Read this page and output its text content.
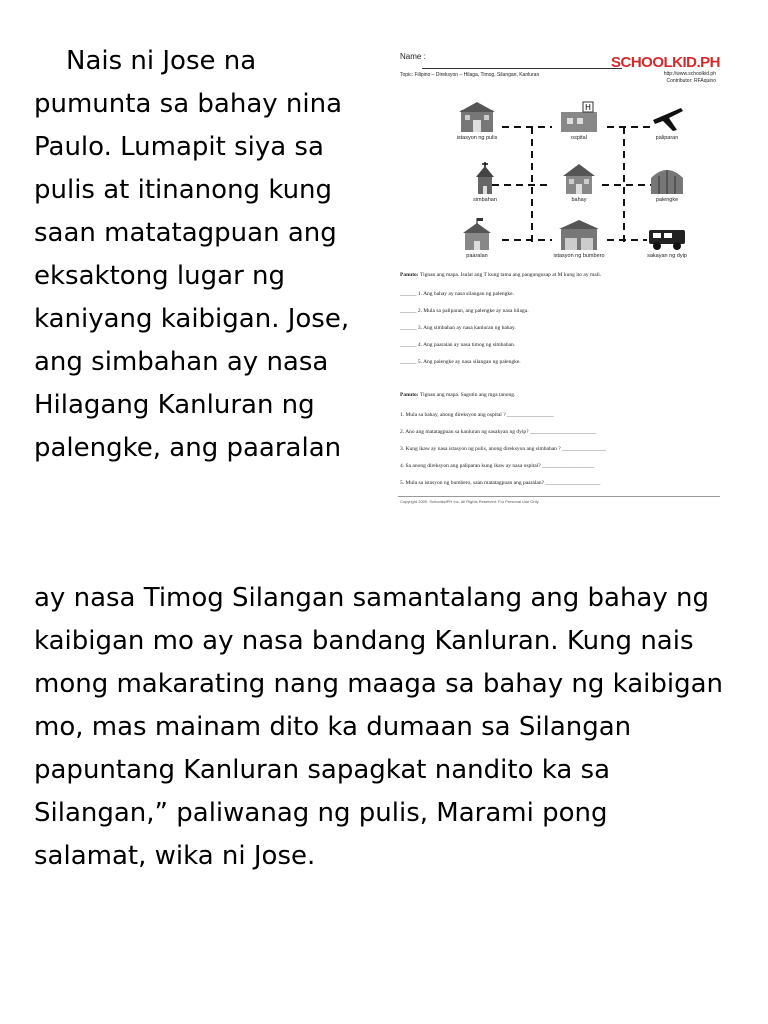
Nais ni Jose na
pumunta sa bahay nina
Paulo. Lumapit siya sa
pulis at itinanong kung
saan matatagpuan ang
eksaktong lugar ng
kaniyang kaibigan. Jose,
ang simbahan ay nasa
Hilagang Kanluran ng
palengke, ang paaralan

Name :	SCHOOLKID.PH
http://www.schoolkid.ph
Contributor: RFAquino
Topic: Filipino – Direksyon – Hilaga, Timog, Silangan, Kanluran
istasyon ng pulis
H
ospital	paliparan
simbahan	bahay	palengke
paaralan	istasyon ng bumbero	sakayan ng dyip
Panuto: Tignan ang mapa. Isulat ang T kung tama ang pangungusap at M kung ito ay mali.
______ 1. Ang bahay ay nasa silangan ng palengke.
______ 2. Mula sa paliparan, ang palengke ay nasa hilaga.
______ 3. Ang simbahan ay nasa kanluran ng bahay.
______ 4. Ang paaralan ay nasa timog ng simbahan.
______ 5. Ang palengke ay nasa silangan ng palengke.
Panuto: Tignan ang mapa. Sagutin ang mga tanong.
1. Mula sa bahay, anong direksyon ang ospital ? _________________
2. Ano ang matatagpuan sa kanluran ng sasakyan ng dyip? ________________________
3. Kung ikaw ay nasa istasyon ng pulis, anong direksyon ang simbahan ? ________________
4. Sa anong direksyon ang paliparan kung ikaw ay nasa ospital? ___________________
5. Mula sa istasyon ng bumbero, saan matatagpuan ang paaralan? ____________________
Copyright 2009. SchoolkidPH Inc. All Rights Reserved. For Personal Use Only.

ay nasa Timog Silangan samantalang ang bahay ng
kaibigan mo ay nasa bandang Kanluran. Kung nais
mong makarating nang maaga sa bahay ng kaibigan
mo, mas mainam dito ka dumaan sa Silangan
papuntang Kanluran sapagkat nandito ka sa
Silangan,” paliwanag ng pulis, Marami pong
salamat, wika ni Jose.
